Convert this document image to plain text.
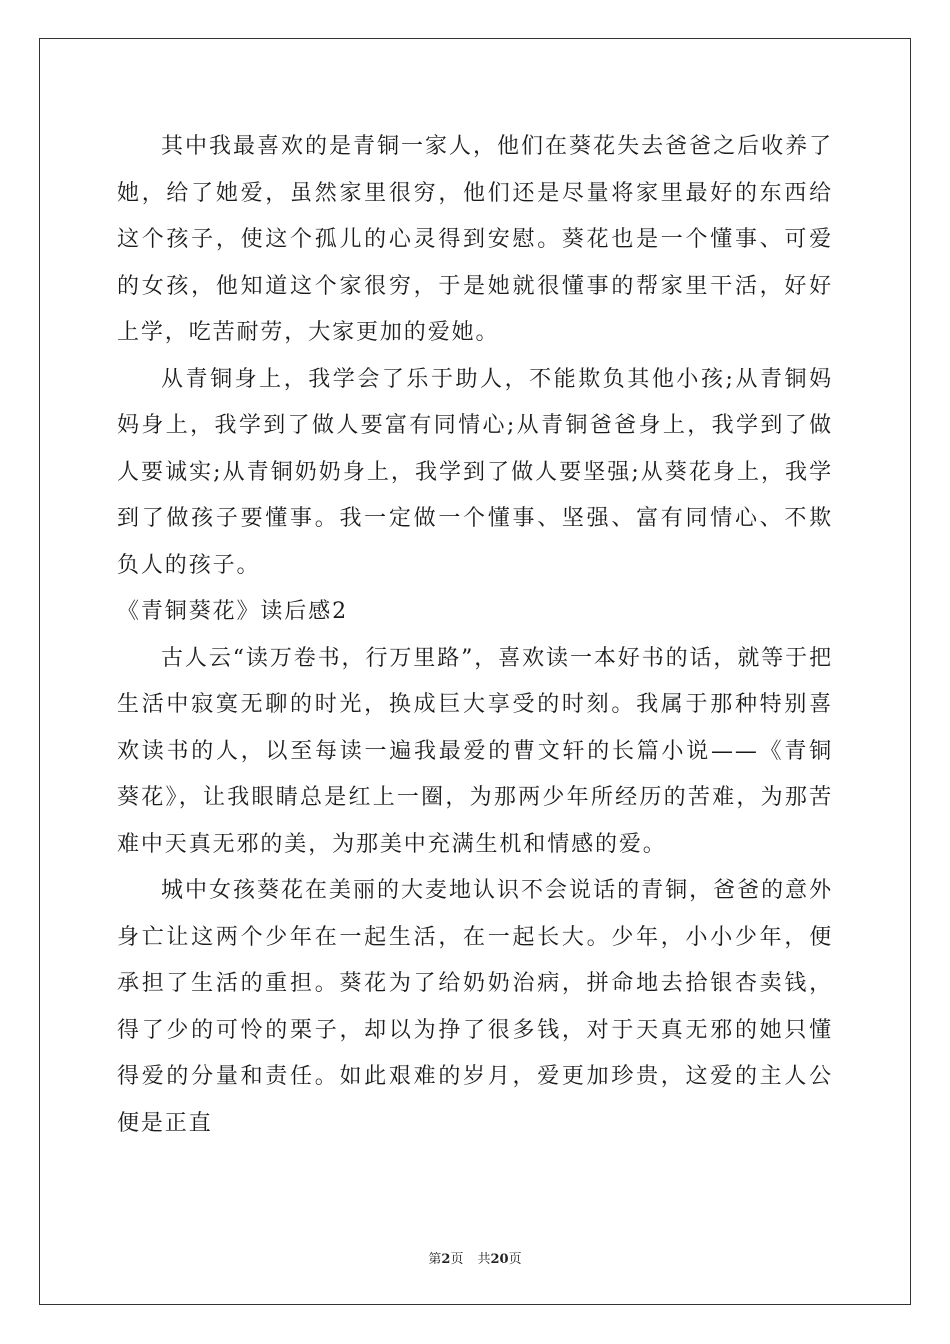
其中我最喜欢的是青铜一家人，他们在葵花失去爸爸之后收养了她，给了她爱，虽然家里很穷，他们还是尽量将家里最好的东西给这个孩子，使这个孤儿的心灵得到安慰。葵花也是一个懂事、可爱的女孩，他知道这个家很穷，于是她就很懂事的帮家里干活，好好上学，吃苦耐劳，大家更加的爱她。

从青铜身上，我学会了乐于助人，不能欺负其他小孩;从青铜妈妈身上，我学到了做人要富有同情心;从青铜爸爸身上，我学到了做人要诚实;从青铜奶奶身上，我学到了做人要坚强;从葵花身上，我学到了做孩子要懂事。我一定做一个懂事、坚强、富有同情心、不欺负人的孩子。

《青铜葵花》读后感2

古人云“读万卷书，行万里路”，喜欢读一本好书的话，就等于把生活中寂寞无聊的时光，换成巨大享受的时刻。我属于那种特别喜欢读书的人，以至每读一遍我最爱的曹文轩的长篇小说——《青铜葵花》，让我眼睛总是红上一圈，为那两少年所经历的苦难，为那苦难中天真无邪的美，为那美中充满生机和情感的爱。

城中女孩葵花在美丽的大麦地认识不会说话的青铜，爸爸的意外身亡让这两个少年在一起生活，在一起长大。少年，小小少年，便承担了生活的重担。葵花为了给奶奶治病，拼命地去拾银杏卖钱，得了少的可怜的栗子，却以为挣了很多钱，对于天真无邪的她只懂得爱的分量和责任。如此艰难的岁月，爱更加珍贵，这爱的主人公便是正直

第2页 共20页
